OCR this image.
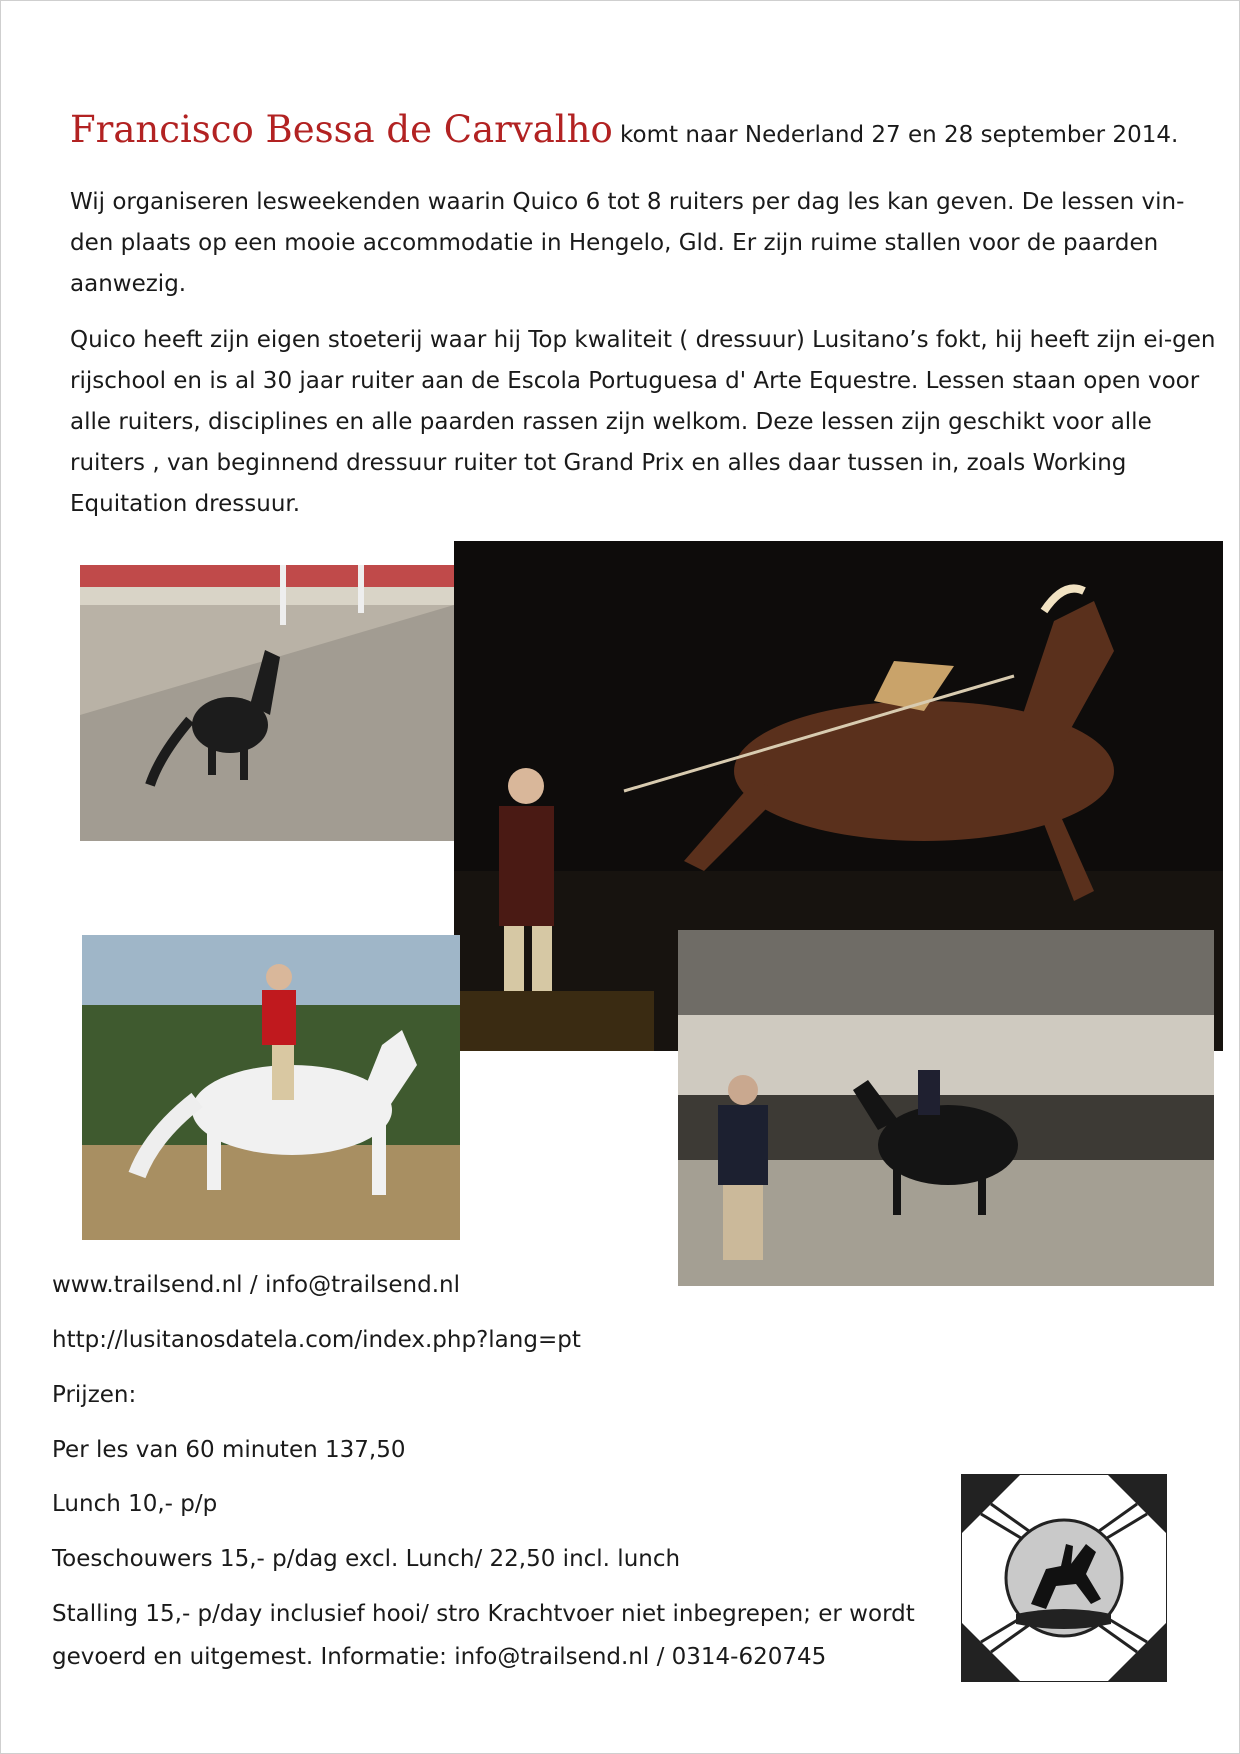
Francisco Bessa de Carvalho komt naar Nederland 27 en 28 september 2014.

Wij organiseren lesweekenden waarin Quico 6 tot 8 ruiters per dag les kan geven. De lessen vin-den plaats op een mooie accommodatie in Hengelo, Gld. Er zijn ruime stallen voor de paarden aanwezig.

Quico heeft zijn eigen stoeterij waar hij Top kwaliteit ( dressuur) Lusitano’s fokt, hij heeft zijn ei-gen rijschool en is al 30 jaar ruiter aan de Escola Portuguesa d' Arte Equestre. Lessen staan open voor alle ruiters, disciplines en alle paarden rassen zijn welkom. Deze lessen zijn geschikt voor alle ruiters , van beginnend dressuur ruiter tot Grand Prix en alles daar tussen in, zoals Working Equitation dressuur.

www.trailsend.nl / info@trailsend.nl
http://lusitanosdatela.com/index.php?lang=pt
Prijzen:
Per les van 60 minuten 137,50
Lunch 10,- p/p
Toeschouwers 15,- p/dag excl. Lunch/ 22,50 incl. lunch
Stalling 15,- p/day inclusief hooi/ stro Krachtvoer niet inbegrepen; er wordt
gevoerd en uitgemest. Informatie: info@trailsend.nl / 0314-620745
